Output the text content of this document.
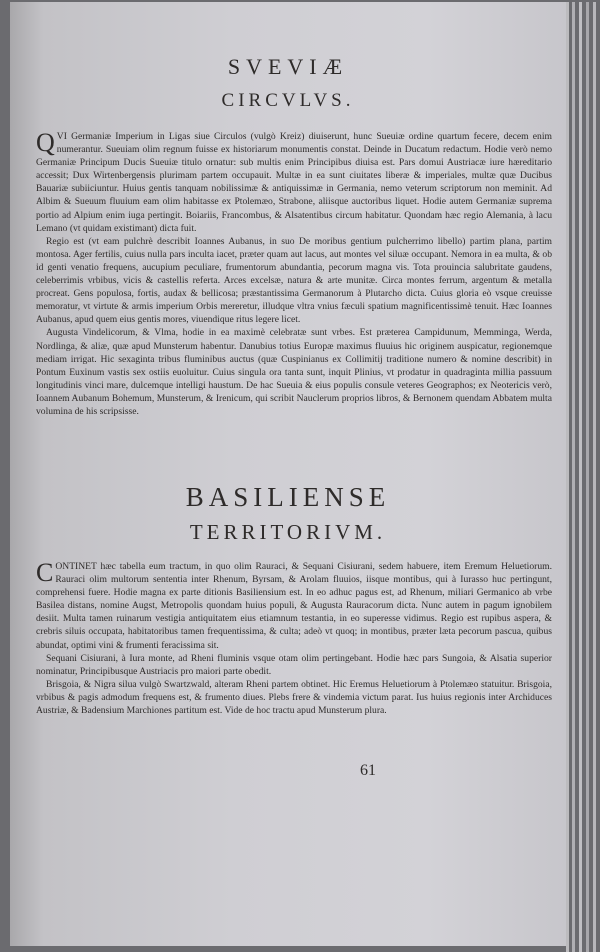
SVEVIÆ
CIRCVLVS.
QVI Germaniæ Imperium in Ligas siue Circulos (vulgò Kreiz) diuiserunt, hunc Sueuiæ ordine quartum fecere, decem enim numerantur. Sueuiam olim regnum fuisse ex historiarum monumentis constat. Deinde in Ducatum redactum. Hodie verò nemo Germaniæ Principum Ducis Sueuiæ titulo ornatur: sub multis enim Principibus diuisa est. Pars domui Austriacæ iure hæreditario accessit; Dux Wirtenbergensis plurimam partem occupauit. Multæ in ea sunt ciuitates liberæ & imperiales, multæ quæ Ducibus Bauariæ subiiciuntur. Huius gentis tanquam nobilissimæ & antiquissimæ in Germania, nemo veterum scriptorum non meminit. Ad Albim & Sueuum fluuium eam olim habitasse ex Ptolemæo, Strabone, aliisque auctoribus liquet. Hodie autem Germaniæ suprema portio ad Alpium enim iuga pertingit. Boiariis, Francombus, & Alsatentibus circum habitatur. Quondam hæc regio Alemania, à lacu Lemano (vt quidam existimant) dicta fuit.
Regio est (vt eam pulchrè describit Ioannes Aubanus, in suo De moribus gentium pulcherrimo libello) partim plana, partim montosa. Ager fertilis, cuius nulla pars inculta iacet, præter quam aut lacus, aut montes vel siluæ occupant. Nemora in ea multa, & ob id genti venatio frequens, aucupium peculiare, frumentorum abundantia, pecorum magna vis. Tota prouincia salubritate gaudens, celeberrimis vrbibus, vicis & castellis referta. Arces excelsæ, natura & arte munitæ. Circa montes ferrum, argentum & metalla procreat. Gens populosa, fortis, audax & bellicosa; præstantissima Germanorum à Plutarcho dicta. Cuius gloria eò vsque creuisse memoratur, vt virtute & armis imperium Orbis mereretur, illudque vltra vnius fæculi spatium magnificentissimè tenuit. Hæc Ioannes Aubanus, apud quem eius gentis mores, viuendique ritus legere licet.
Augusta Vindelicorum, & Vlma, hodie in ea maximè celebratæ sunt vrbes. Est præterea Campidunum, Memminga, Werda, Nordlinga, & aliæ, quæ apud Munsterum habentur. Danubius totius Europæ maximus fluuius hic originem auspicatur, regionemque mediam irrigat. Hic sexaginta tribus fluminibus auctus (quæ Cuspinianus ex Collimitij traditione numero & nomine describit) in Pontum Euxinum vastis sex ostiis euoluitur. Cuius singula ora tanta sunt, inquit Plinius, vt prodatur in quadraginta millia passuum longitudinis vinci mare, dulcemque intelligi haustum. De hac Sueuia & eius populis consule veteres Geographos; ex Neotericis verò, Ioannem Aubanum Bohemum, Munsterum, & Irenicum, qui scribit Nauclerum proprios libros, & Bernonem quendam Abbatem multa volumina de his scripsisse.
BASILIENSE
TERRITORIVM.
CONTINET hæc tabella eum tractum, in quo olim Rauraci, & Sequani Cisiurani, sedem habuere, item Eremum Heluetiorum. Rauraci olim multorum sententia inter Rhenum, Byrsam, & Arolam fluuios, iisque montibus, qui à Iurasso huc pertingunt, comprehensi fuere. Hodie magna ex parte ditionis Basiliensium est. In eo adhuc pagus est, ad Rhenum, miliari Germanico ab vrbe Basilea distans, nomine Augst, Metropolis quondam huius populi, & Augusta Rauracorum dicta. Nunc autem in pagum ignobilem desiit. Multa tamen ruinarum vestigia antiquitatem eius etiamnum testantia, in eo superesse vidimus. Regio est rupibus aspera, & crebris siluis occupata, habitatoribus tamen frequentissima, & culta; adeò vt quoq; in montibus, præter læta pecorum pascua, quibus abundat, optimi vini & frumenti feracissima sit.
Sequani Cisiurani, à Iura monte, ad Rheni fluminis vsque otam olim pertingebant. Hodie hæc pars Sungoia, & Alsatia superior nominatur, Principibusque Austriacis pro maiori parte obedit.
Brisgoia, & Nigra silua vulgò Swartzwald, alteram Rheni partem obtinet. Hic Eremus Heluetiorum à Ptolemæo statuitur. Brisgoia, vrbibus & pagis admodum frequens est, & frumento diues. Plebs frere & vindemia victum parat. Ius huius regionis inter Archiduces Austriæ, & Badensium Marchiones partitum est. Vide de hoc tractu apud Munsterum plura.

61
